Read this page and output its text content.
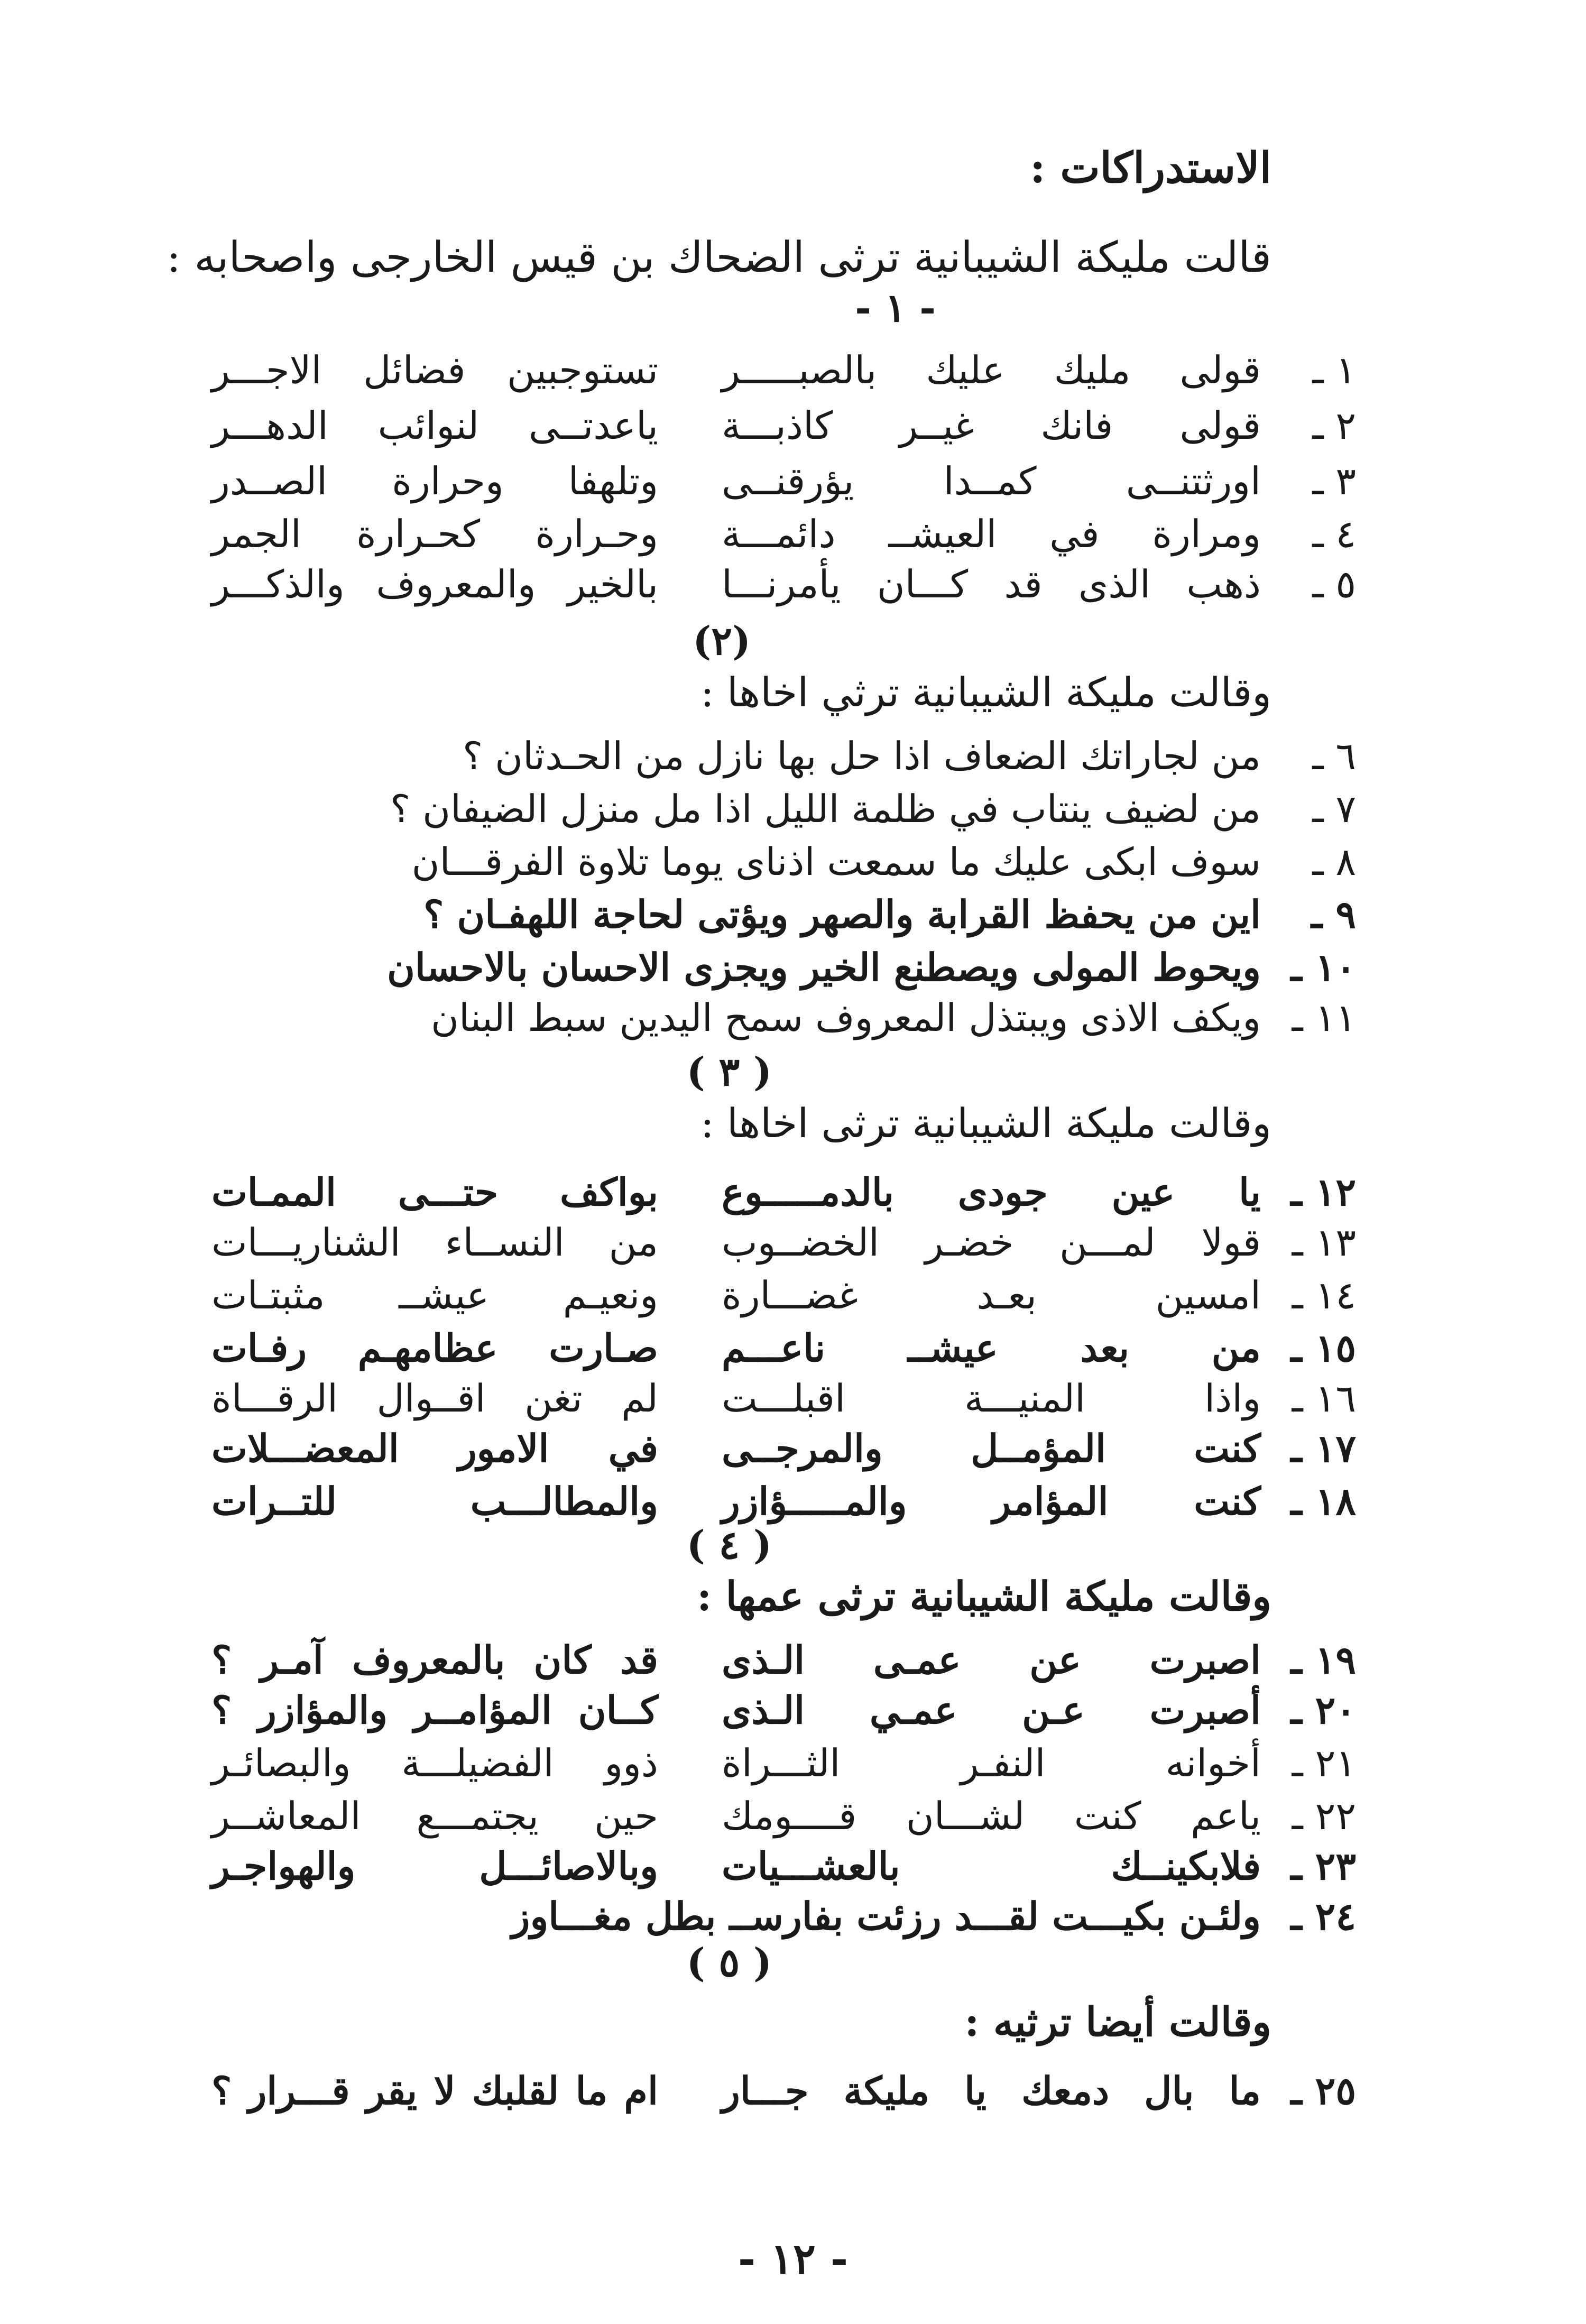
الاستدراكات :
قالت مليكة الشيبانية ترثى الضحاك بن قيس الخارجى واصحابه :
- ١ -
١ ـ
قولى مليك عليك بالصبـــــر
تستوجبين فضائل الاجـــر
٢ ـ
قولى فانك غيــر كاذبـــة
ياعدتــى لنوائب الدهـــر
٣ ـ
اورثتنــى كمــدا يؤرقنــى
وتلهفا وحرارة الصــدر
٤ ـ
ومرارة في العيشــ دائمـــة
وحـرارة كحـرارة الجمر
٥ ـ
ذهب الذى قد كـــان يأمرنـــا
بالخير والمعروف والذكـــر
(٢)
وقالت مليكة الشيبانية ترثي اخاها :
٦ ـمن لجاراتك الضعاف اذا حل بها نازل من الحـدثان ؟
٧ ـمن لضيف ينتاب في ظلمة الليل اذا مل منزل الضيفان ؟
٨ ـسوف ابكى عليك ما سمعت اذناى يوما تلاوة الفرقـــان
٩ ـاين من يحفظ القرابة والصهر ويؤتى لحاجة اللهفـان ؟
١٠ ـويحوط المولى ويصطنع الخير ويجزى الاحسان بالاحسان
١١ ـويكف الاذى ويبتذل المعروف سمح اليدين سبط البنان
( ٣ )
وقالت مليكة الشيبانية ترثى اخاها :
١٢ ـ
يا عين جودى بالدمـــــوع
بواكف حتـــى الممـات
١٣ ـ
قولا لمـــن خضـر الخضــوب
من النســاء الشناريـــات
١٤ ـ
امسين بعـد غضـــارة
ونعيـم عيشــ مثبتـات
١٥ ـ
من بعد عيشــ ناعـــم
صـارت عظامهـم رفـات
١٦ ـ
واذا المنيـــة اقبلـــت
لم تغن اقــوال الرقـــاة
١٧ ـ
كنت المؤمــل والمرجــى
في الامور المعضـــلات
١٨ ـ
كنت المؤامر والمـــــؤازر
والمطالـــب للتــرات
( ٤ )
وقالت مليكة الشيبانية ترثى عمها :
١٩ ـ
اصبرت عن عمـى الـذى
قد كان بالمعروف آمـر ؟
٢٠ ـ
أصبرت عـن عمـي الـذى
كــان المؤامــر والمؤازر ؟
٢١ ـ
أخوانه النفـر الثـــراة
ذوو الفضيلـــة والبصائـر
٢٢ ـ
ياعم كنت لشـــان قــــومك
حين يجتمـــع المعاشــر
٢٣ ـ
فلابكينــك بالعشـــيات
وبالاصائـــل والهواجـر
٢٤ ـولئـن بكيـــت لقـــد رزئت بفارســ بطل مغـــاوز
( ٥ )
وقالت أيضا ترثيه :
٢٥ ـ
ما بال دمعك يا مليكة جـــار
ام ما لقلبك لا يقر قـــرار ؟
- ١٢ -
